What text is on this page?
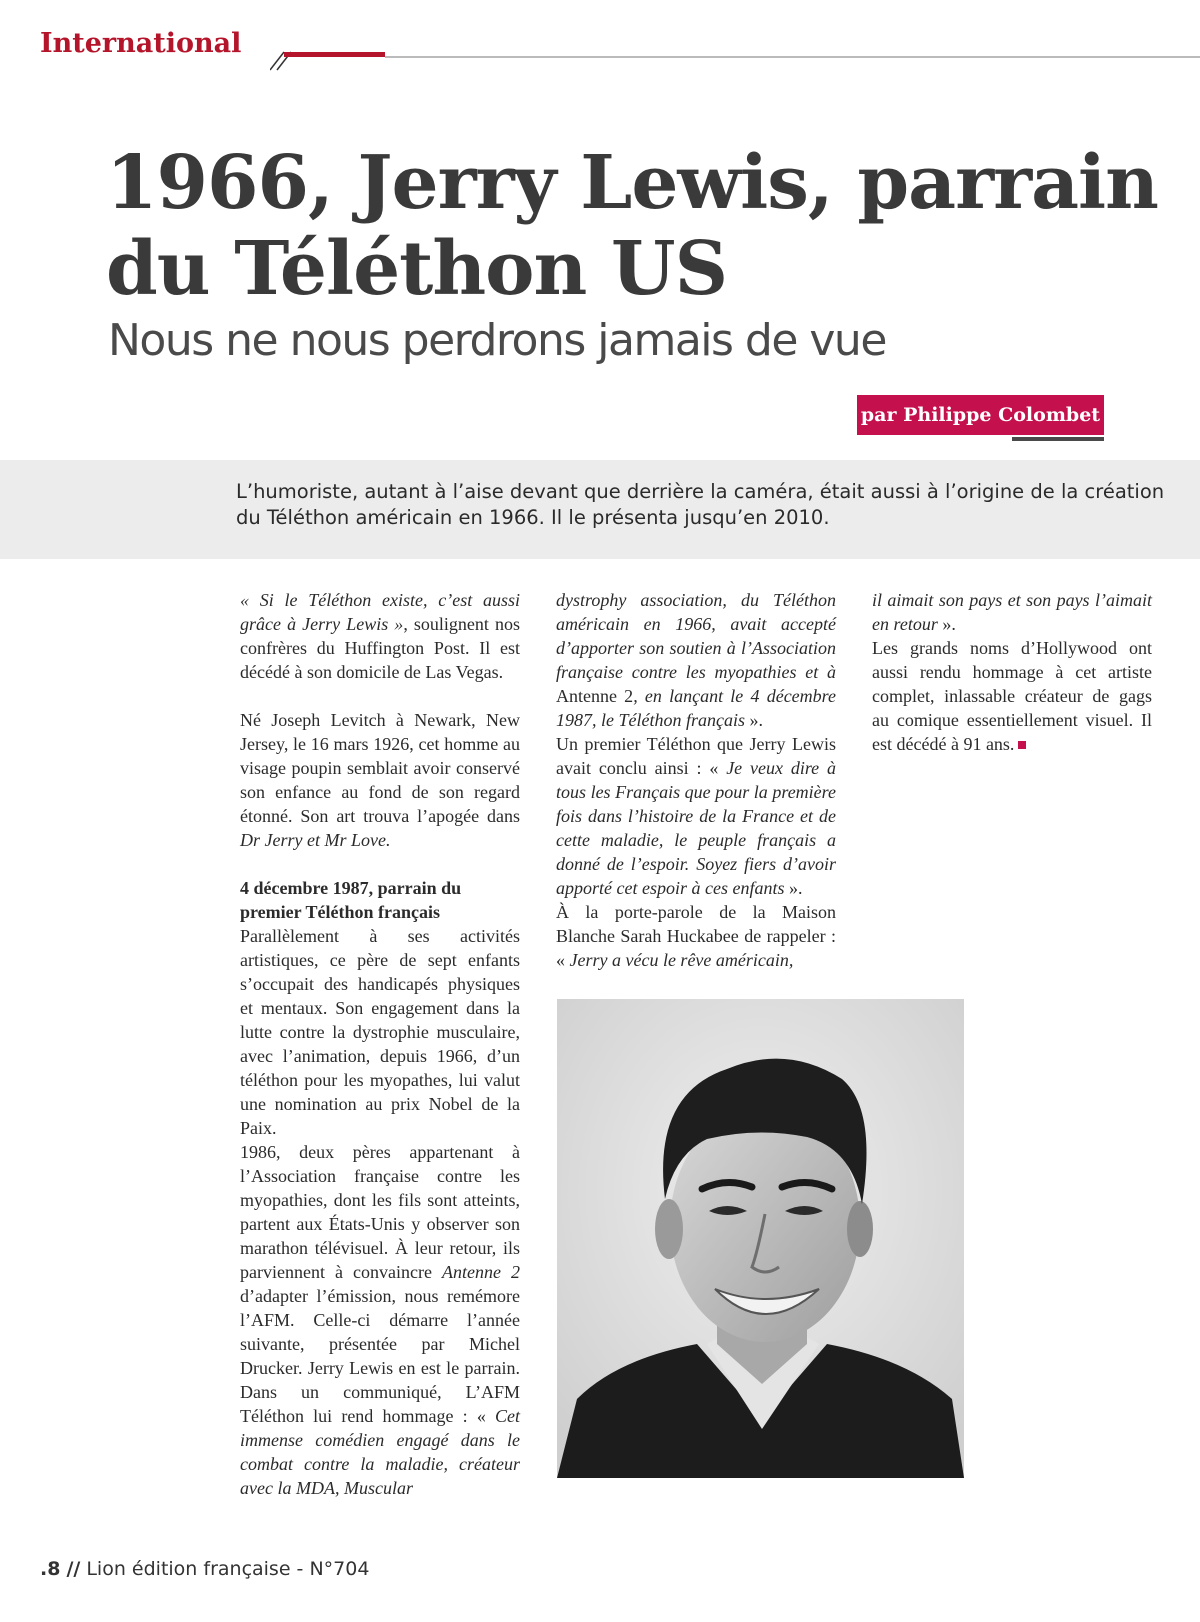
International
1966, Jerry Lewis, parrain
du Téléthon US

Nous ne nous perdrons jamais de vue

par Philippe Colombet

L’humoriste, autant à l’aise devant que derrière la caméra, était aussi à l’origine de la création du Téléthon américain en 1966. Il le présenta jusqu’en 2010.

« Si le Téléthon existe, c’est aussi grâce à Jerry Lewis », soulignent nos confrères du Huffington Post. Il est décédé à son domicile de Las Vegas.

Né Joseph Levitch à Newark, New Jersey, le 16 mars 1926, cet homme au visage poupin semblait avoir conservé son enfance au fond de son regard étonné. Son art trouva l’apogée dans Dr Jerry et Mr Love.

4 décembre 1987, parrain du premier Téléthon français

Parallèlement à ses activités artistiques, ce père de sept enfants s’occupait des handicapés physiques et mentaux. Son engagement dans la lutte contre la dystrophie musculaire, avec l’animation, depuis 1966, d’un téléthon pour les myopathes, lui valut une nomination au prix Nobel de la Paix.

1986, deux pères appartenant à l’Association française contre les myopathies, dont les fils sont atteints, partent aux États-Unis y observer son marathon télévisuel. À leur retour, ils parviennent à convaincre Antenne 2 d’adapter l’émission, nous remémore l’AFM. Celle-ci démarre l’année suivante, présentée par Michel Drucker. Jerry Lewis en est le parrain. Dans un communiqué, L’AFM Téléthon lui rend hommage : « Cet immense comédien engagé dans le combat contre la maladie, créateur avec la MDA, Muscular

dystrophy association, du Téléthon américain en 1966, avait accepté d’apporter son soutien à l’Association française contre les myopathies et à Antenne 2, en lançant le 4 décembre 1987, le Téléthon français ».

Un premier Téléthon que Jerry Lewis avait conclu ainsi : « Je veux dire à tous les Français que pour la première fois dans l’histoire de la France et de cette maladie, le peuple français a donné de l’espoir. Soyez fiers d’avoir apporté cet espoir à ces enfants ».

À la porte-parole de la Maison Blanche Sarah Huckabee de rappeler : « Jerry a vécu le rêve américain,

il aimait son pays et son pays l’aimait en retour ».

Les grands noms d’Hollywood ont aussi rendu hommage à cet artiste complet, inlassable créateur de gags au comique essentiellement visuel. Il est décédé à 91 ans.

.8 // Lion édition française - N°704
